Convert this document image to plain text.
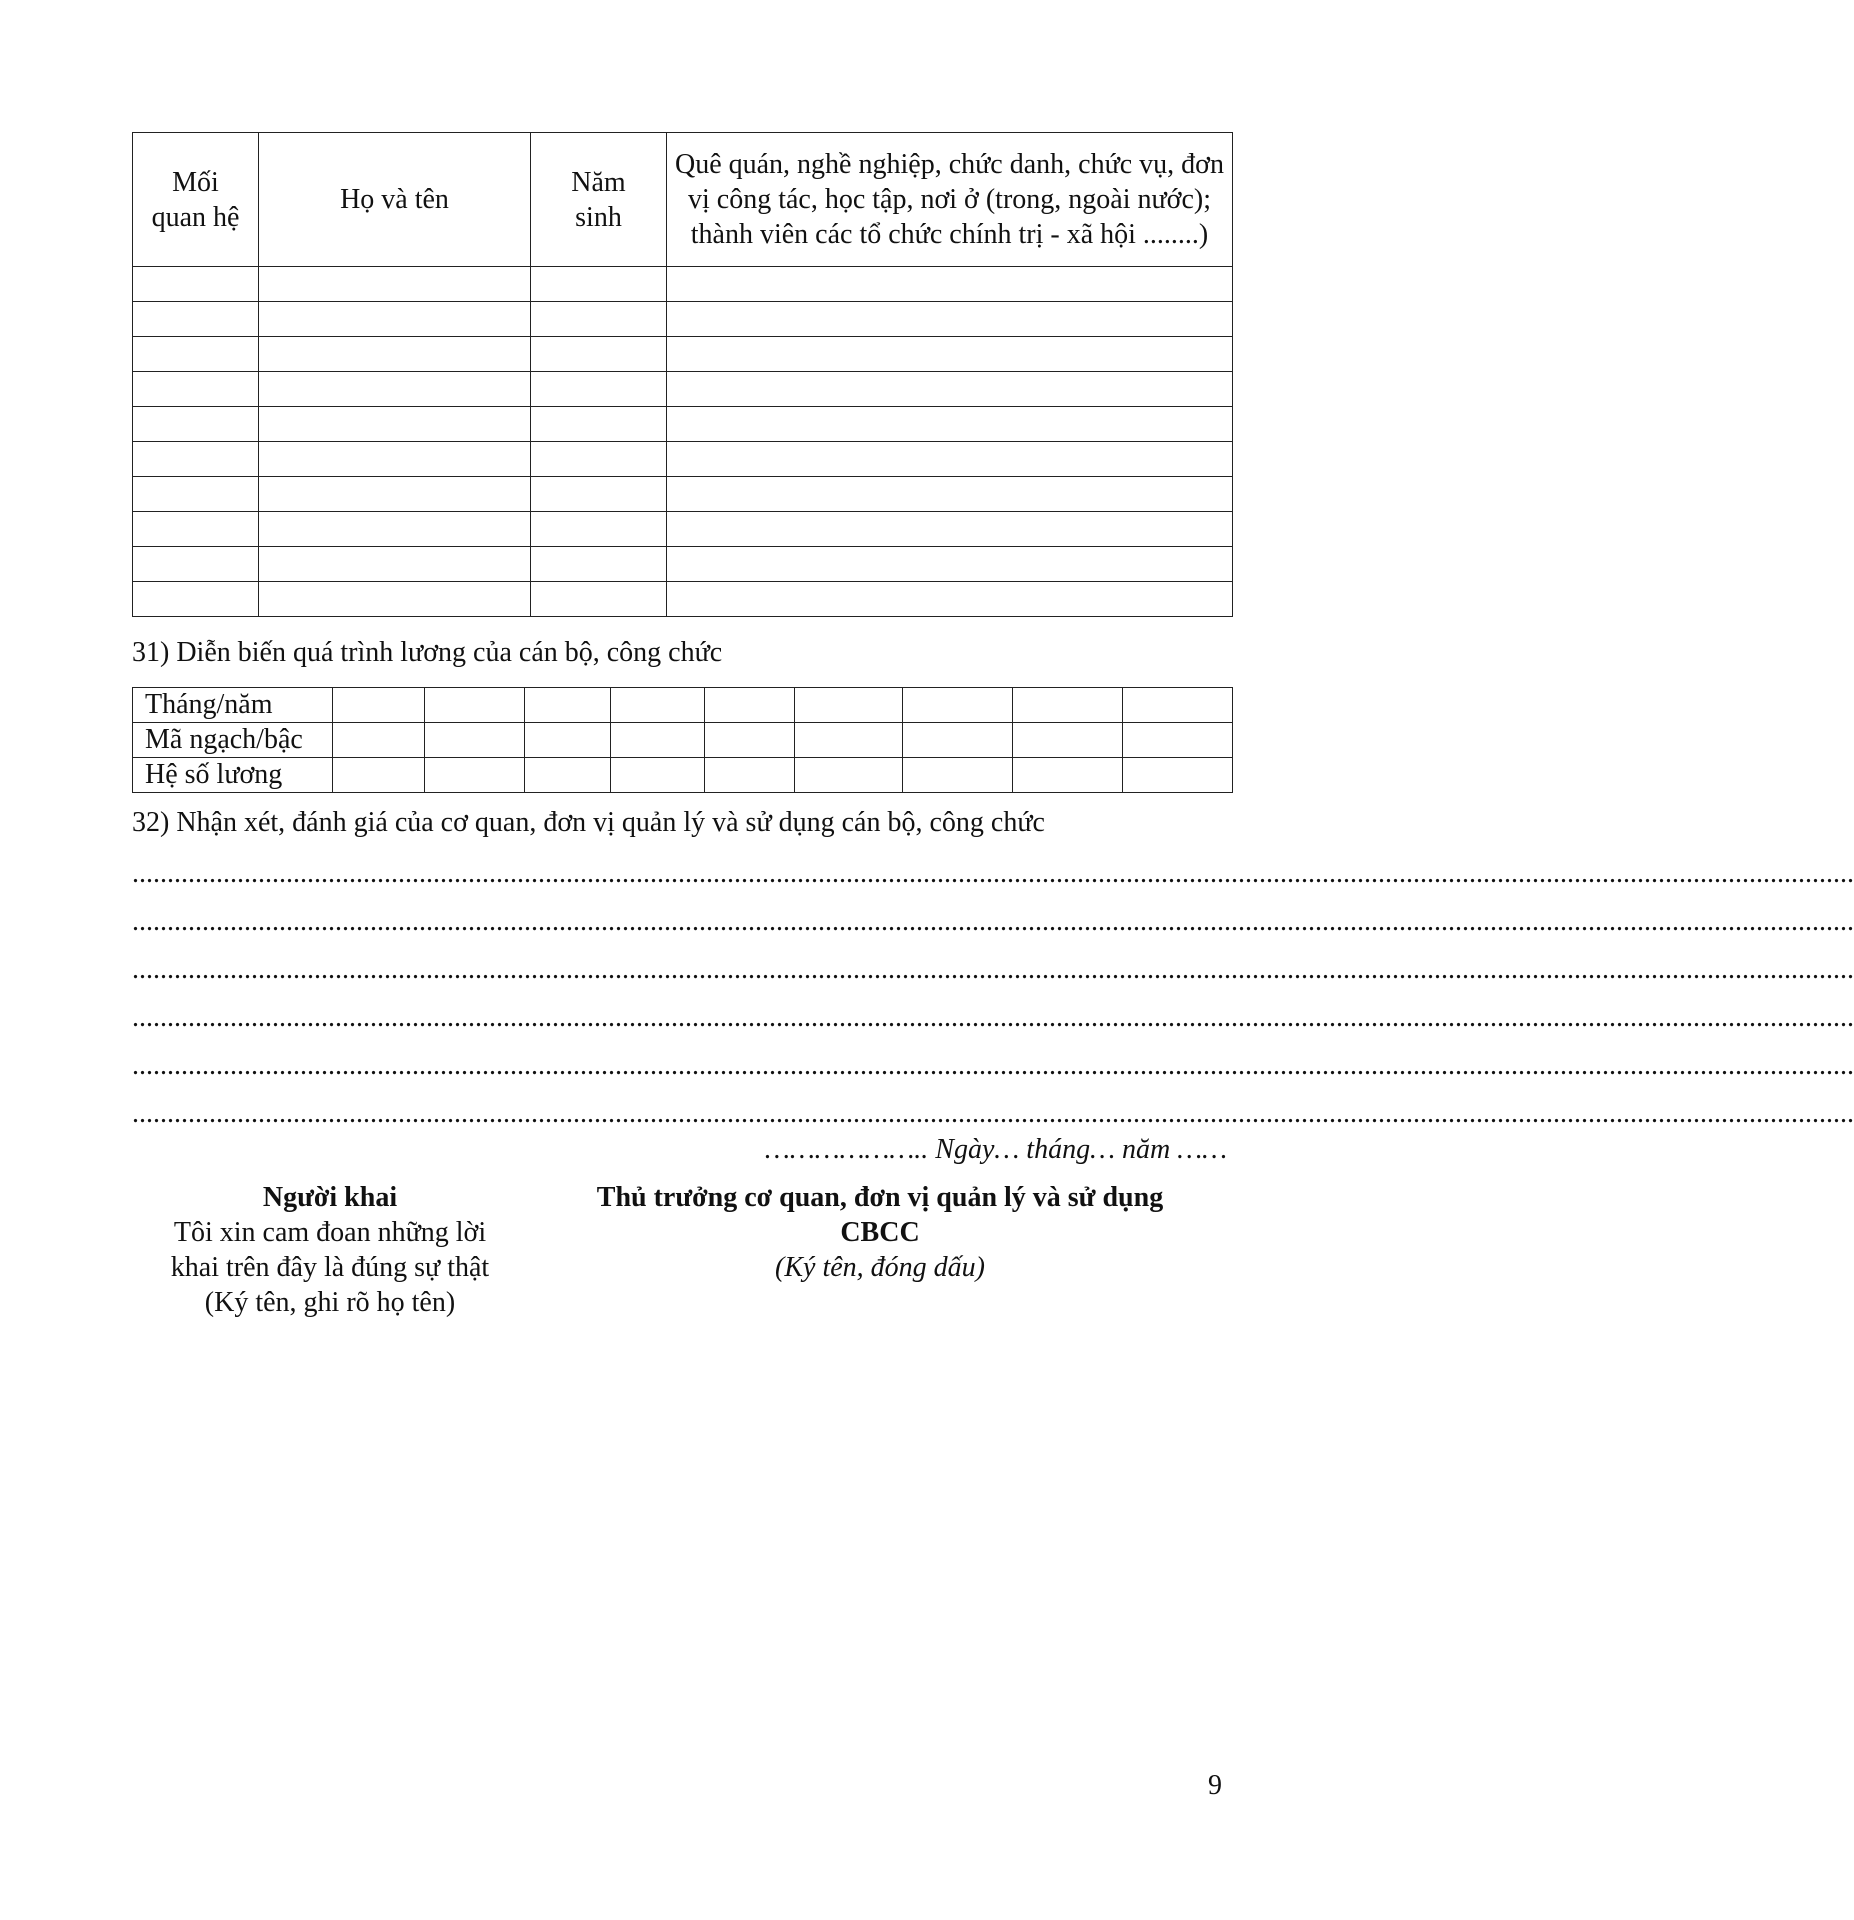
Mối quan hệ	Họ và tên	Năm sinh	Quê quán, nghề nghiệp, chức danh, chức vụ, đơn vị công tác, học tập, nơi ở (trong, ngoài nước); thành viên các tổ chức chính trị - xã hội ........)

31) Diễn biến quá trình lương của cán bộ, công chức
Tháng/năm									
Mã ngạch/bậc									
Hệ số lương									
32) Nhận xét, đánh giá của cơ quan, đơn vị quản lý và sử dụng cán bộ, công chức
......................................................................................................................................................................................................................................................
......................................................................................................................................................................................................................................................
......................................................................................................................................................................................................................................................
......................................................................................................................................................................................................................................................
......................................................................................................................................................................................................................................................
......................................................................................................................................................................................................................................................
……………….. Ngày… tháng… năm ……
Người khai
Tôi xin cam đoan những lời
khai trên đây là đúng sự thật
(Ký tên, ghi rõ họ tên)
Thủ trưởng cơ quan, đơn vị quản lý và sử dụng
CBCC
(Ký tên, đóng dấu)
9
